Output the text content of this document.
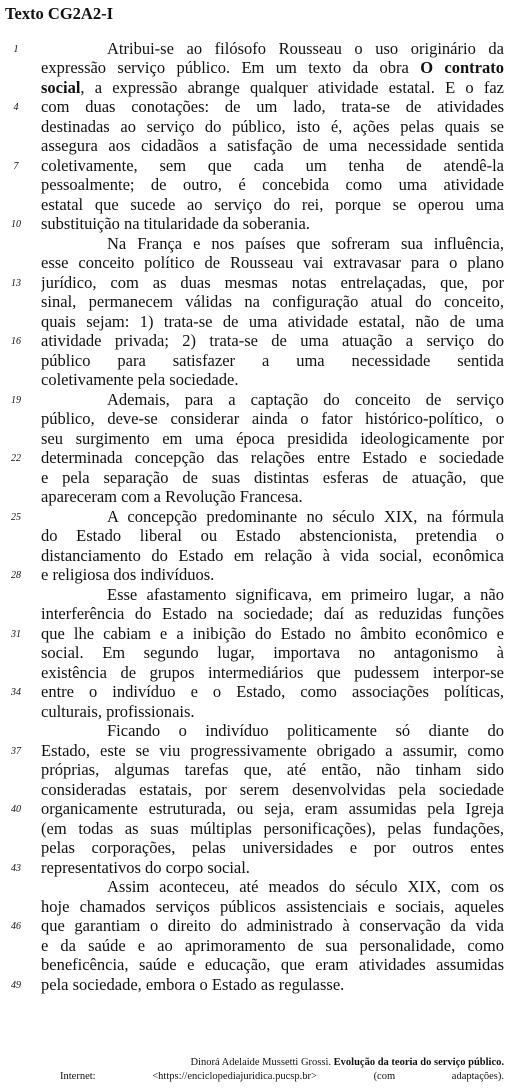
Texto CG2A2-I
Atribui-se ao filósofo Rousseau o uso originário da
expressão serviço público. Em um texto da obra O contrato
social, a expressão abrange qualquer atividade estatal. E o faz
com duas conotações: de um lado, trata-se de atividades
destinadas ao serviço do público, isto é, ações pelas quais se
assegura aos cidadãos a satisfação de uma necessidade sentida
coletivamente, sem que cada um tenha de atendê-la
pessoalmente; de outro, é concebida como uma atividade
estatal que sucede ao serviço do rei, porque se operou uma
substituição na titularidade da soberania.
Na França e nos países que sofreram sua influência,
esse conceito político de Rousseau vai extravasar para o plano
jurídico, com as duas mesmas notas entrelaçadas, que, por
sinal, permanecem válidas na configuração atual do conceito,
quais sejam: 1) trata-se de uma atividade estatal, não de uma
atividade privada; 2) trata-se de uma atuação a serviço do
público para satisfazer a uma necessidade sentida
coletivamente pela sociedade.
Ademais, para a captação do conceito de serviço
público, deve-se considerar ainda o fator histórico-político, o
seu surgimento em uma época presidida ideologicamente por
determinada concepção das relações entre Estado e sociedade
e pela separação de suas distintas esferas de atuação, que
apareceram com a Revolução Francesa.
A concepção predominante no século XIX, na fórmula
do Estado liberal ou Estado abstencionista, pretendia o
distanciamento do Estado em relação à vida social, econômica
e religiosa dos indivíduos.
Esse afastamento significava, em primeiro lugar, a não
interferência do Estado na sociedade; daí as reduzidas funções
que lhe cabiam e a inibição do Estado no âmbito econômico e
social. Em segundo lugar, importava no antagonismo à
existência de grupos intermediários que pudessem interpor-se
entre o indivíduo e o Estado, como associações políticas,
culturais, profissionais.
Ficando o indivíduo politicamente só diante do
Estado, este se viu progressivamente obrigado a assumir, como
próprias, algumas tarefas que, até então, não tinham sido
consideradas estatais, por serem desenvolvidas pela sociedade
organicamente estruturada, ou seja, eram assumidas pela Igreja
(em todas as suas múltiplas personificações), pelas fundações,
pelas corporações, pelas universidades e por outros entes
representativos do corpo social.
Assim aconteceu, até meados do século XIX, com os
hoje chamados serviços públicos assistenciais e sociais, aqueles
que garantiam o direito do administrado à conservação da vida
e da saúde e ao aprimoramento de sua personalidade, como
beneficência, saúde e educação, que eram atividades assumidas
pela sociedade, embora o Estado as regulasse.
1
4
7
10
13
16
19
22
25
28
31
34
37
40
43
46
49
Dinorá Adelaide Mussetti Grossi. Evolução da teoria do serviço público.
Internet:	<https://enciclopediajuridica.pucsp.br>	(com adaptações).
